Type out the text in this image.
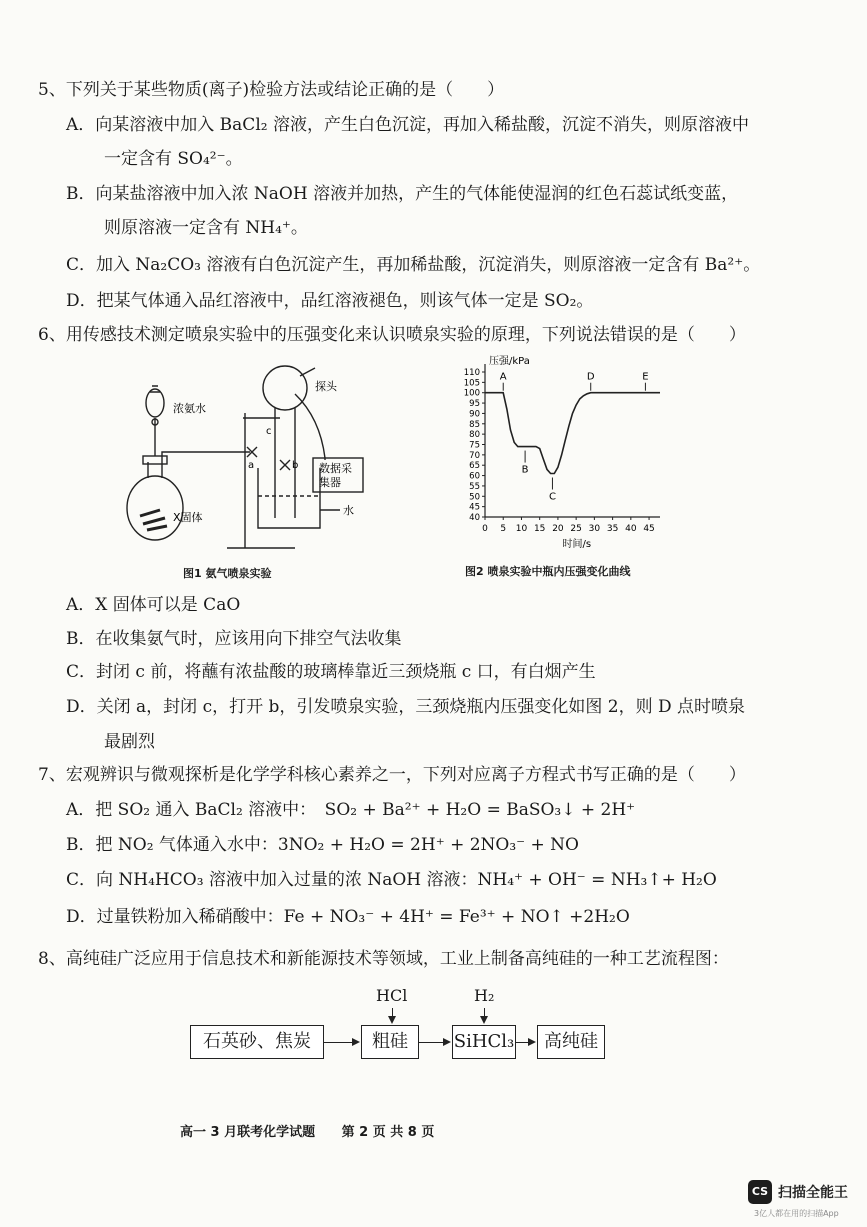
5、下列关于某些物质(离子)检验方法或结论正确的是（　　）
A．向某溶液中加入 BaCl₂ 溶液，产生白色沉淀，再加入稀盐酸，沉淀不消失，则原溶液中
一定含有 SO₄²⁻。
B．向某盐溶液中加入浓 NaOH 溶液并加热，产生的气体能使湿润的红色石蕊试纸变蓝，
则原溶液一定含有 NH₄⁺。
C．加入 Na₂CO₃ 溶液有白色沉淀产生，再加稀盐酸，沉淀消失，则原溶液一定含有 Ba²⁺。
D．把某气体通入品红溶液中，品红溶液褪色，则该气体一定是 SO₂。
6、用传感技术测定喷泉实验中的压强变化来认识喷泉实验的原理，下列说法错误的是（　　）
浓氨水
X固体
探头
数据采
集器
水
a	b
c
图1 氨气喷泉实验
压强/kPa
时间/s
110
105
100
95
90
85
80
75
70
65
60
55
50
45
40
0 5 10 15 20 25 30 35 40 45
A
B
C
D	E
图2 喷泉实验中瓶内压强变化曲线
A．X 固体可以是 CaO
B．在收集氨气时，应该用向下排空气法收集
C．封闭 c 前，将蘸有浓盐酸的玻璃棒靠近三颈烧瓶 c 口，有白烟产生
D．关闭 a，封闭 c，打开 b，引发喷泉实验，三颈烧瓶内压强变化如图 2，则 D 点时喷泉
最剧烈
7、宏观辨识与微观探析是化学学科核心素养之一，下列对应离子方程式书写正确的是（　　）
A．把 SO₂ 通入 BaCl₂ 溶液中：　SO₂ + Ba²⁺ + H₂O = BaSO₃↓ + 2H⁺
B．把 NO₂ 气体通入水中：3NO₂ + H₂O = 2H⁺ + 2NO₃⁻ + NO
C．向 NH₄HCO₃ 溶液中加入过量的浓 NaOH 溶液：NH₄⁺ + OH⁻ = NH₃↑+ H₂O
D．过量铁粉加入稀硝酸中：Fe + NO₃⁻ + 4H⁺ = Fe³⁺ + NO↑ +2H₂O
8、高纯硅广泛应用于信息技术和新能源技术等领域，工业上制备高纯硅的一种工艺流程图：
HCl	H₂
石英砂、焦炭	粗硅	SiHCl₃	高纯硅
高一 3 月联考化学试题 第 2 页 共 8 页
CS 扫描全能王
3亿人都在用的扫描App
